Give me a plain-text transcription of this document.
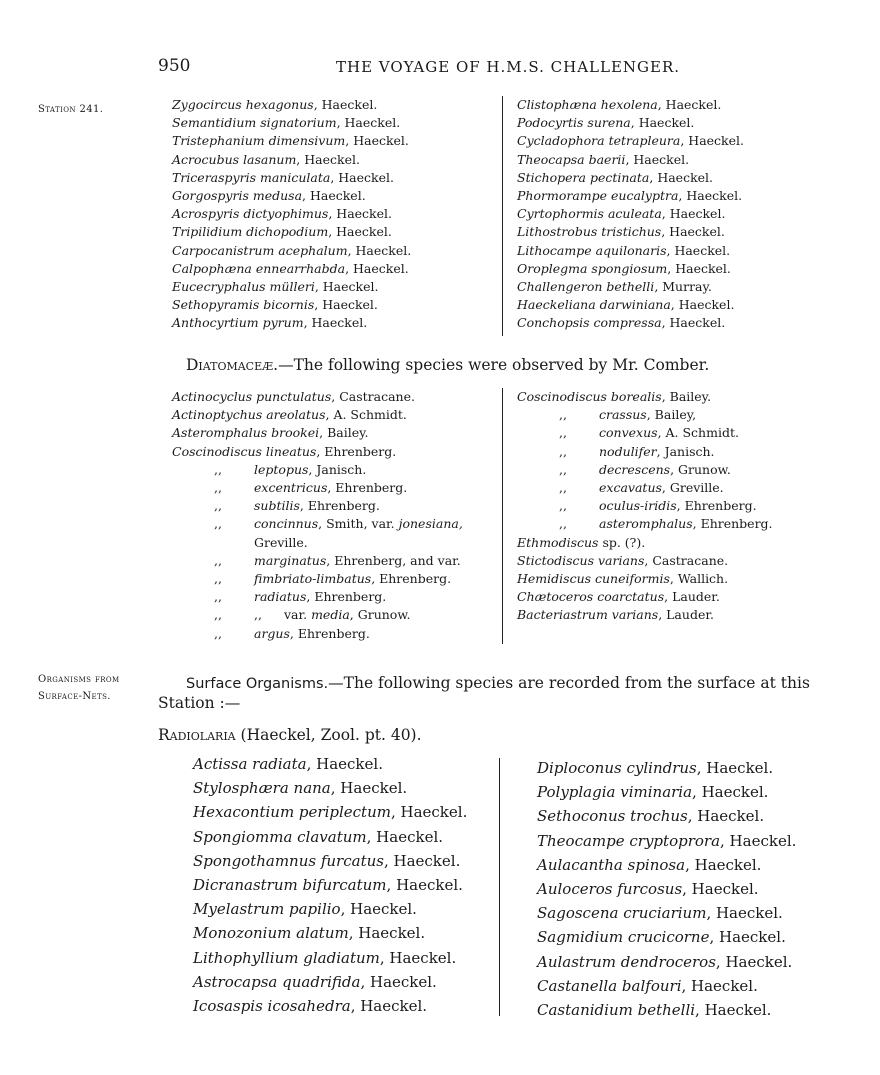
950	THE VOYAGE OF H.M.S. CHALLENGER.
Station 241.	Zygocircus hexagonus, Haeckel.
Semantidium signatorium, Haeckel.
Tristephanium dimensivum, Haeckel.
Acrocubus lasanum, Haeckel.
Triceraspyris maniculata, Haeckel.
Gorgospyris medusa, Haeckel.
Acrospyris dictyophimus, Haeckel.
Tripilidium dichopodium, Haeckel.
Carpocanistrum acephalum, Haeckel.
Calpophæna ennearrhabda, Haeckel.
Eucecryphalus mülleri, Haeckel.
Sethopyramis bicornis, Haeckel.
Anthocyrtium pyrum, Haeckel.
Clistophæna hexolena, Haeckel.
Podocyrtis surena, Haeckel.
Cycladophora tetrapleura, Haeckel.
Theocapsa baerii, Haeckel.
Stichopera pectinata, Haeckel.
Phormorampe eucalyptra, Haeckel.
Cyrtophormis aculeata, Haeckel.
Lithostrobus tristichus, Haeckel.
Lithocampe aquilonaris, Haeckel.
Oroplegma spongiosum, Haeckel.
Challengeron bethelli, Murray.
Haeckeliana darwiniana, Haeckel.
Conchopsis compressa, Haeckel.
Diatomaceæ.—The following species were observed by Mr. Comber.
Actinocyclus punctulatus, Castracane.
Actinoptychus areolatus, A. Schmidt.
Asteromphalus brookei, Bailey.
Coscinodiscus lineatus, Ehrenberg.
,,	leptopus, Janisch.
,,	excentricus, Ehrenberg.
,,	subtilis, Ehrenberg.
,,	concinnus, Smith, var. jonesiana,
Greville.
,,	marginatus, Ehrenberg, and var.
,,	fimbriato-limbatus, Ehrenberg.
,,	radiatus, Ehrenberg.
,,	,, var. media, Grunow.
,,	argus, Ehrenberg.
Coscinodiscus borealis, Bailey.
,,	crassus, Bailey,
,,	convexus, A. Schmidt.
,,	nodulifer, Janisch.
,,	decrescens, Grunow.
,,	excavatus, Greville.
,,	oculus-iridis, Ehrenberg.
,,	asteromphalus, Ehrenberg.
Ethmodiscus sp. (?).
Stictodiscus varians, Castracane.
Hemidiscus cuneiformis, Wallich.
Chætoceros coarctatus, Lauder.
Bacteriastrum varians, Lauder.
Organisms from
Surface-Nets.
Surface Organisms.—The following species are recorded from the surface at this
Station :—
Radiolaria (Haeckel, Zool. pt. 40).
Actissa radiata, Haeckel.
Stylosphæra nana, Haeckel.
Hexacontium periplectum, Haeckel.
Spongiomma clavatum, Haeckel.
Spongothamnus furcatus, Haeckel.
Dicranastrum bifurcatum, Haeckel.
Myelastrum papilio, Haeckel.
Monozonium alatum, Haeckel.
Lithophyllium gladiatum, Haeckel.
Astrocapsa quadrifida, Haeckel.
Icosaspis icosahedra, Haeckel.
Diploconus cylindrus, Haeckel.
Polyplagia viminaria, Haeckel.
Sethoconus trochus, Haeckel.
Theocampe cryptoprora, Haeckel.
Aulacantha spinosa, Haeckel.
Auloceros furcosus, Haeckel.
Sagoscena cruciarium, Haeckel.
Sagmidium crucicorne, Haeckel.
Aulastrum dendroceros, Haeckel.
Castanella balfouri, Haeckel.
Castanidium bethelli, Haeckel.
